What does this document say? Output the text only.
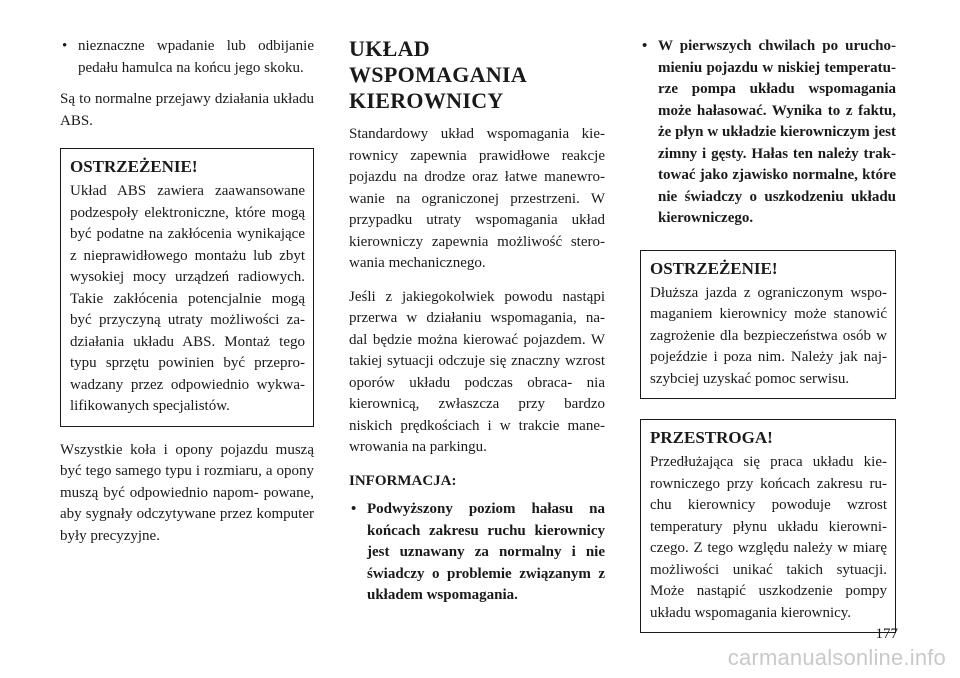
• nieznaczne wpadanie lub odbijanie pedału hamulca na końcu jego skoku.

Są to normalne przejawy działania układu ABS.

OSTRZEŻENIE!
Układ ABS zawiera zaawansowane podzespoły elektroniczne, które mogą być podatne na zakłócenia wynikające z nieprawidłowego montażu lub zbyt wysokiej mocy urządzeń radiowych. Takie zakłócenia potencjalnie mogą być przyczyną utraty możliwości za- działania układu ABS. Montaż tego typu sprzętu powinien być przepro- wadzany przez odpowiednio wykwa- lifikowanych specjalistów.

Wszystkie koła i opony pojazdu muszą być tego samego typu i rozmiaru, a opony muszą być odpowiednio napom- powane, aby sygnały odczytywane przez komputer były precyzyjne.

UKŁAD
WSPOMAGANIA
KIEROWNICY

Standardowy układ wspomagania kie- rownicy zapewnia prawidłowe reakcje pojazdu na drodze oraz łatwe manewro- wanie na ograniczonej przestrzeni. W przypadku utraty wspomagania układ kierowniczy zapewnia możliwość stero- wania mechanicznego.

Jeśli z jakiegokolwiek powodu nastąpi przerwa w działaniu wspomagania, na- dal będzie można kierować pojazdem. W takiej sytuacji odczuje się znaczny wzrost oporów układu podczas obraca- nia kierownicą, zwłaszcza przy bardzo niskich prędkościach i w trakcie mane- wrowania na parkingu.

INFORMACJA:
• Podwyższony poziom hałasu na końcach zakresu ruchu kierownicy jest uznawany za normalny i nie świadczy o problemie związanym z układem wspomagania.
• W pierwszych chwilach po urucho- mieniu pojazdu w niskiej temperatu- rze pompa układu wspomagania może hałasować. Wynika to z faktu, że płyn w układzie kierowniczym jest zimny i gęsty. Hałas ten należy trak- tować jako zjawisko normalne, które nie świadczy o uszkodzeniu układu kierowniczego.
OSTRZEŻENIE!
Dłuższa jazda z ograniczonym wspo- maganiem kierownicy może stanowić zagrożenie dla bezpieczeństwa osób w pojeździe i poza nim. Należy jak naj- szybciej uzyskać pomoc serwisu.
PRZESTROGA!
Przedłużająca się praca układu kie- rowniczego przy końcach zakresu ru- chu kierownicy powoduje wzrost temperatury płynu układu kierowni- czego. Z tego względu należy w miarę możliwości unikać takich sytuacji. Może nastąpić uszkodzenie pompy układu wspomagania kierownicy.
177
carmanualsonline.info
